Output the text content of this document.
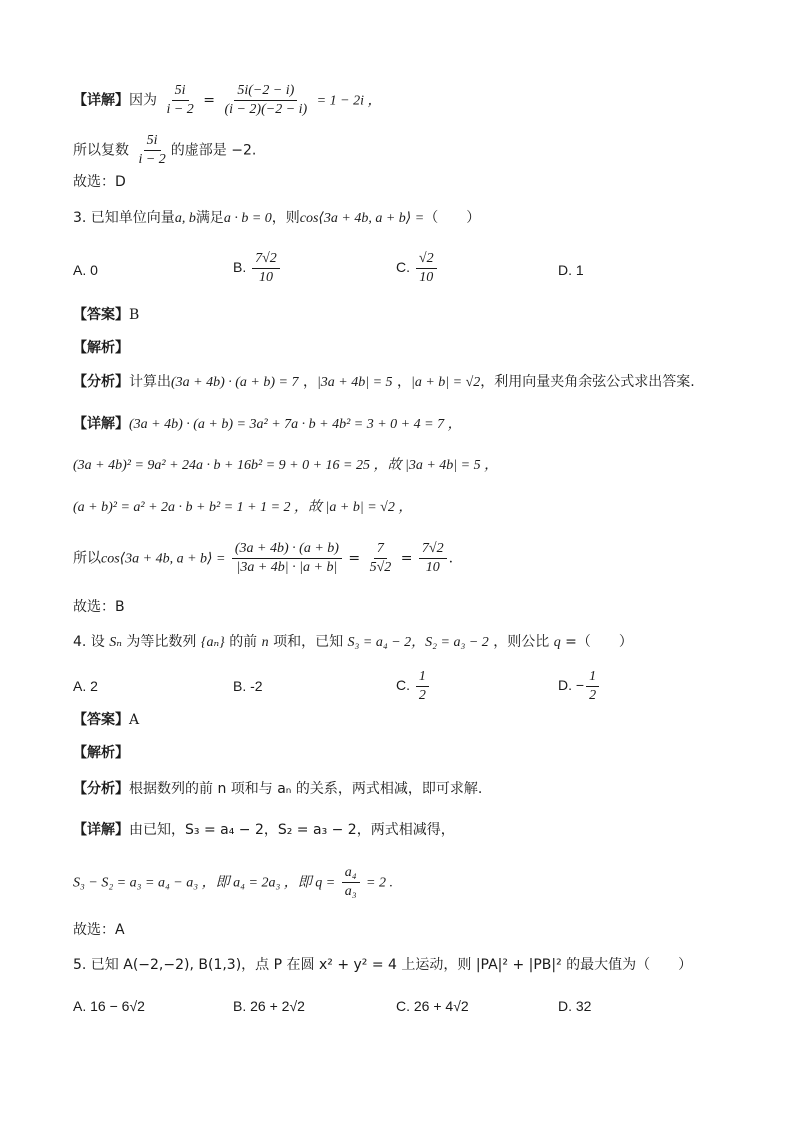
【详解】因为 $\frac{5i}{i - 2} = \frac{5i(-2 - i)}{(i - 2)(-2 - i)} = 1 - 2i$ ，
所以复数 $\frac{5i}{i - 2}$ 的虚部是 −2.
故选：D
3. 已知单位向量a, b满足a · b = 0，则cos⟨3a + 4b, a + b⟩ =（　　）
A. 0	B. $\frac{7√2}{10}$	C. $\frac{√2}{10}$	D. 1
【答案】B
【解析】
【分析】计算出(3a + 4b) · (a + b) = 7 ，|3a + 4b| = 5 ，|a + b| = √2，利用向量夹角余弦公式求出答案.
【详解】(3a + 4b) · (a + b) = 3a² + 7a · b + 4b² = 3 + 0 + 4 = 7 ，
(3a + 4b)² = 9a² + 24a · b + 16b² = 9 + 0 + 16 = 25 ，故 |3a + 4b| = 5 ，
(a + b)² = a² + 2a · b + b² = 1 + 1 = 2 ，故 |a + b| = √2 ，
所以cos⟨3a + 4b, a + b⟩ = $\frac{(3a + 4b) \cdot (a + b)}{|3a + 4b| \cdot |a + b|} = \frac{7}{5√2} = \frac{7√2}{10}$ .
故选：B
4. 设 Sₙ 为等比数列 {aₙ} 的前 n 项和，已知 S₃ = a₄ − 2，S₂ = a₃ − 2 ，则公比 q =（　　）
A. 2	B. -2	C. $\frac{1}{2}$	D. − $\frac{1}{2}$
【答案】A
【解析】
【分析】根据数列的前 n 项和与 aₙ 的关系，两式相减，即可求解.
【详解】由已知，S₃ = a₄ − 2，S₂ = a₃ − 2，两式相减得，
S₃ − S₂ = a₃ = a₄ − a₃ ，即 a₄ = 2a₃ ，即 $q = \frac{\text{a₄}}{\text{a₃}} = 2$ .
故选：A
5. 已知 A(−2,−2), B(1,3)，点 P 在圆 x² + y² = 4 上运动，则 |PA|² + |PB|² 的最大值为（　　）
A. 16 − 6√2	B. 26 + 2√2	C. 26 + 4√2	D. 32
